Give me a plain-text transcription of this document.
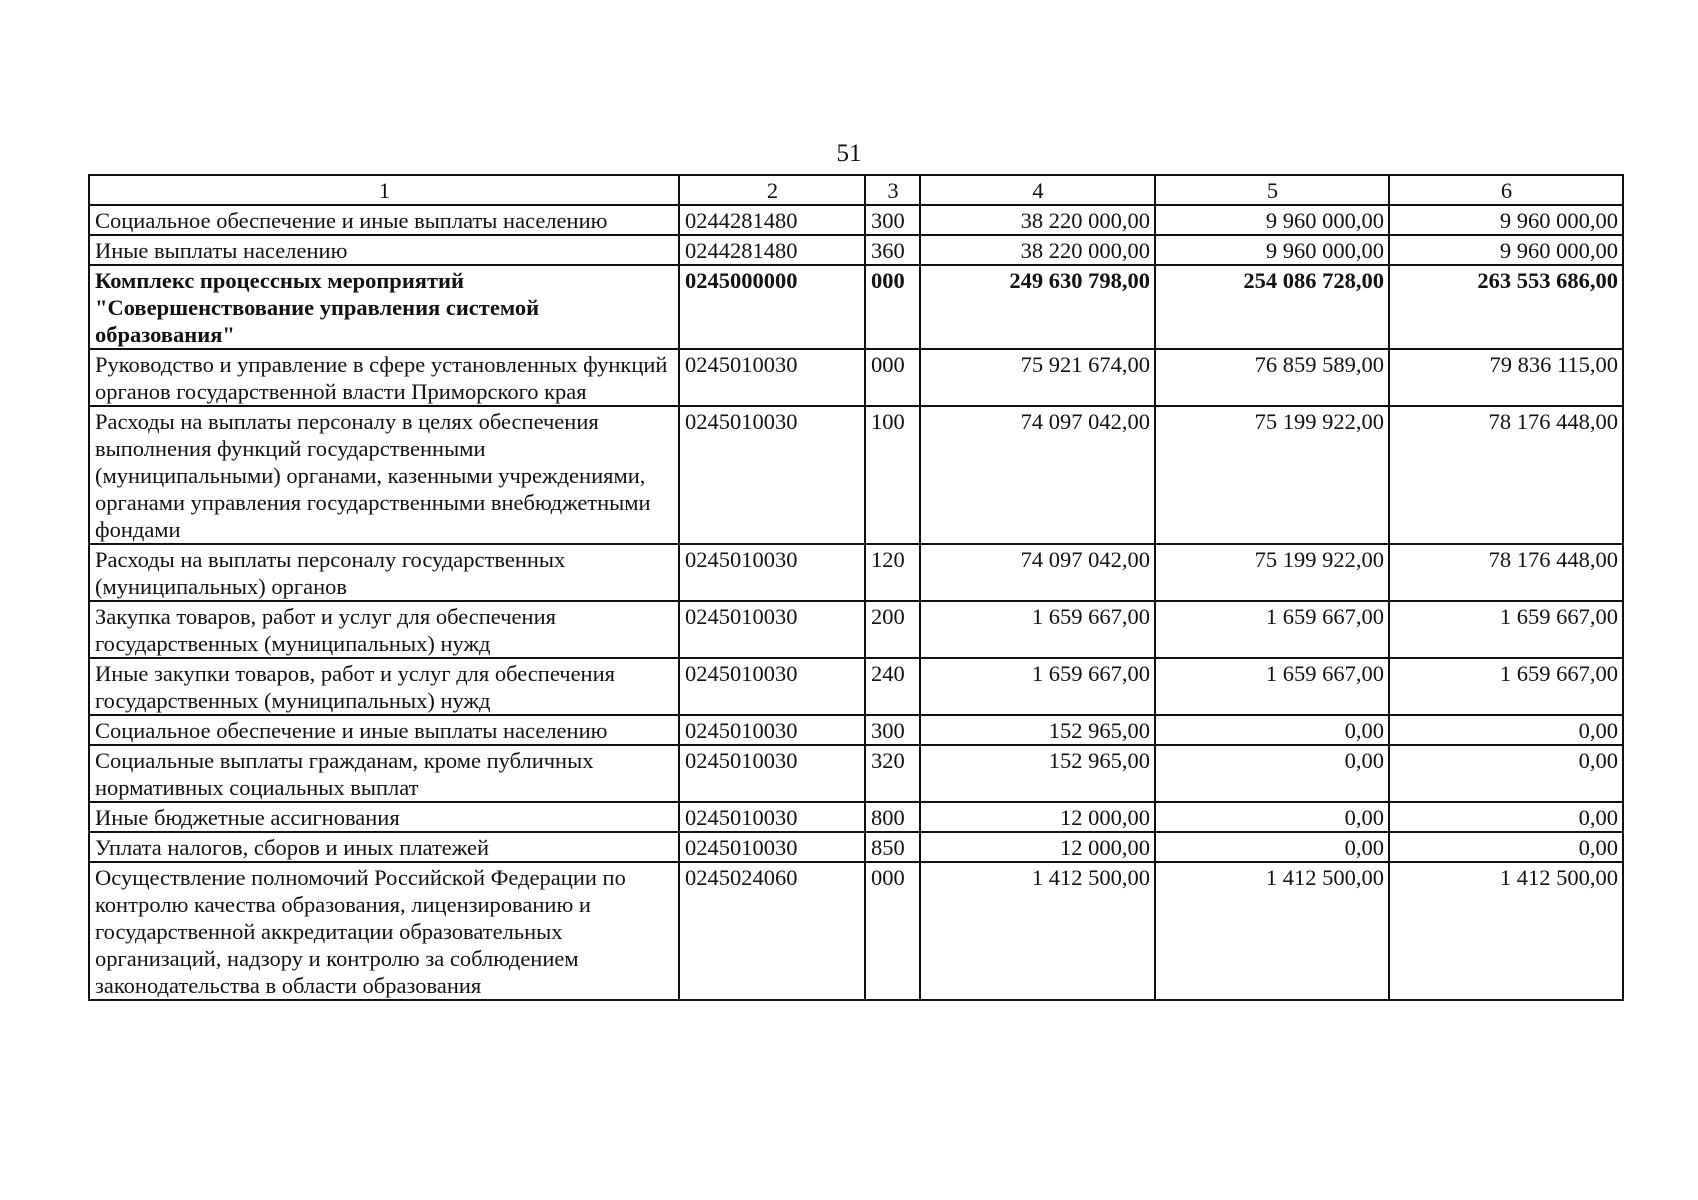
51
1	2	3	4	5	6
Социальное обеспечение и иные выплаты населению	0244281480	300	38 220 000,00	9 960 000,00	9 960 000,00
Иные выплаты населению	0244281480	360	38 220 000,00	9 960 000,00	9 960 000,00
Комплекс процессных мероприятий "Совершенствование управления системой образования"	0245000000	000	249 630 798,00	254 086 728,00	263 553 686,00
Руководство и управление в сфере установленных функций органов государственной власти Приморского края	0245010030	000	75 921 674,00	76 859 589,00	79 836 115,00
Расходы на выплаты персоналу в целях обеспечения выполнения функций государственными (муниципальными) органами, казенными учреждениями, органами управления государственными внебюджетными фондами	0245010030	100	74 097 042,00	75 199 922,00	78 176 448,00
Расходы на выплаты персоналу государственных (муниципальных) органов	0245010030	120	74 097 042,00	75 199 922,00	78 176 448,00
Закупка товаров, работ и услуг для обеспечения государственных (муниципальных) нужд	0245010030	200	1 659 667,00	1 659 667,00	1 659 667,00
Иные закупки товаров, работ и услуг для обеспечения государственных (муниципальных) нужд	0245010030	240	1 659 667,00	1 659 667,00	1 659 667,00
Социальное обеспечение и иные выплаты населению	0245010030	300	152 965,00	0,00	0,00
Социальные выплаты гражданам, кроме публичных нормативных социальных выплат	0245010030	320	152 965,00	0,00	0,00
Иные бюджетные ассигнования	0245010030	800	12 000,00	0,00	0,00
Уплата налогов, сборов и иных платежей	0245010030	850	12 000,00	0,00	0,00
Осуществление полномочий Российской Федерации по контролю качества образования, лицензированию и государственной аккредитации образовательных организаций, надзору и контролю за соблюдением законодательства в области образования	0245024060	000	1 412 500,00	1 412 500,00	1 412 500,00
